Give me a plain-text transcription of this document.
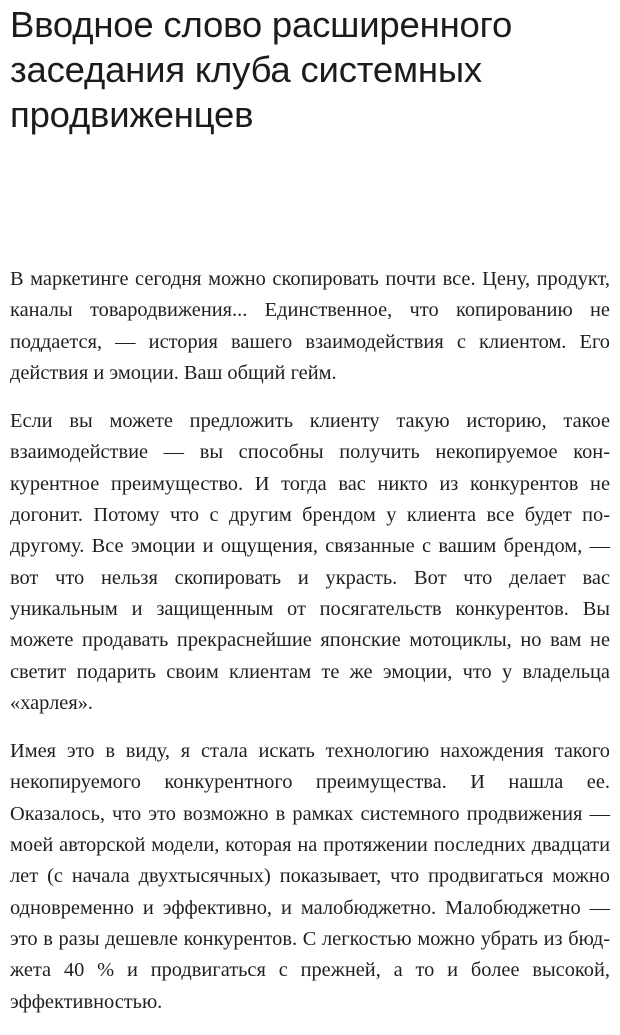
Вводное слово расширенного заседания клуба системных продвиженцев

В маркетинге сегодня можно скопировать почти все. Цену, продукт, каналы товародвижения... Единственное, что копированию не поддается, — история вашего взаимодействия с клиентом. Его действия и эмоции. Ваш общий гейм.

Если вы можете предложить клиенту такую историю, такое взаимодействие — вы способны получить некопируемое конкурентное преимущество. И тогда вас никто из конкурентов не догонит. Потому что с другим брендом у клиента все будет по-другому. Все эмоции и ощущения, связанные с вашим брендом, — вот что нельзя скопировать и украсть. Вот что делает вас уникальным и защищенным от посягательств конкурентов. Вы можете продавать прекраснейшие японские мотоциклы, но вам не светит подарить своим клиентам те же эмоции, что у владельца «харлея».

Имея это в виду, я стала искать технологию нахождения такого некопируемого конкурентного преимущества. И нашла ее. Оказалось, что это возможно в рамках системного продвижения — моей авторской модели, которая на протяжении последних двадцати лет (с начала двухтысячных) показывает, что продвигаться можно одновременно и эффективно, и малобюджетно. Малобюджетно — это в разы дешевле конкурентов. С легкостью можно убрать из бюджета 40 % и продвигаться с прежней, а то и более высокой, эффективностью.
